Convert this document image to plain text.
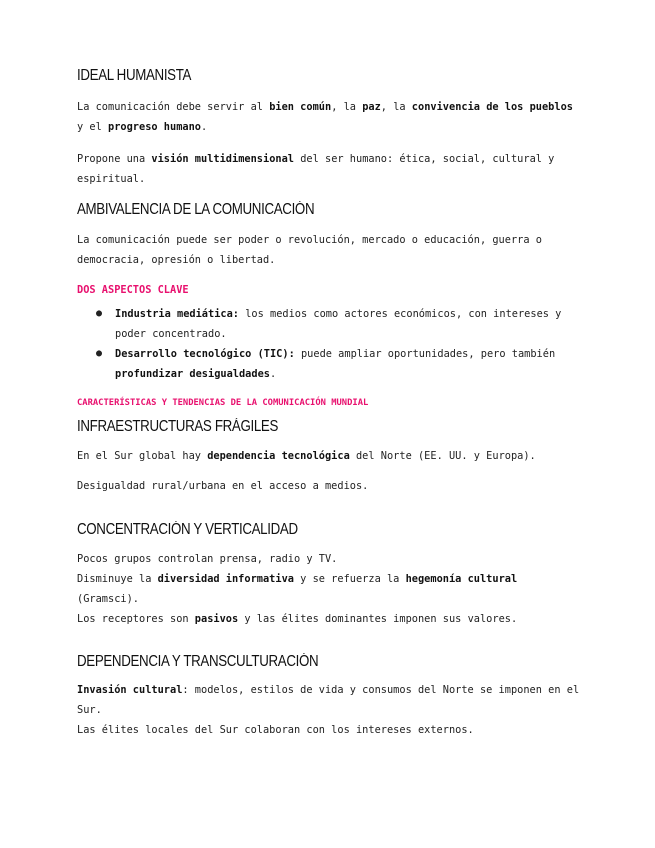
IDEAL HUMANISTA

La comunicación debe servir al bien común, la paz, la convivencia de los pueblos y el progreso humano.

Propone una visión multidimensional del ser humano: ética, social, cultural y espiritual.

AMBIVALENCIA DE LA COMUNICACIÓN

La comunicación puede ser poder o revolución, mercado o educación, guerra o democracia, opresión o libertad.

DOS ASPECTOS CLAVE
● Industria mediática: los medios como actores económicos, con intereses y poder concentrado.
● Desarrollo tecnológico (TIC): puede ampliar oportunidades, pero también profundizar desigualdades.
CARACTERÍSTICAS Y TENDENCIAS DE LA COMUNICACIÓN MUNDIAL
INFRAESTRUCTURAS FRÁGILES

En el Sur global hay dependencia tecnológica del Norte (EE. UU. y Europa).

Desigualdad rural/urbana en el acceso a medios.

CONCENTRACIÓN Y VERTICALIDAD

Pocos grupos controlan prensa, radio y TV.
Disminuye la diversidad informativa y se refuerza la hegemonía cultural (Gramsci).
Los receptores son pasivos y las élites dominantes imponen sus valores.

DEPENDENCIA Y TRANSCULTURACIÓN

Invasión cultural: modelos, estilos de vida y consumos del Norte se imponen en el Sur.
Las élites locales del Sur colaboran con los intereses externos.
